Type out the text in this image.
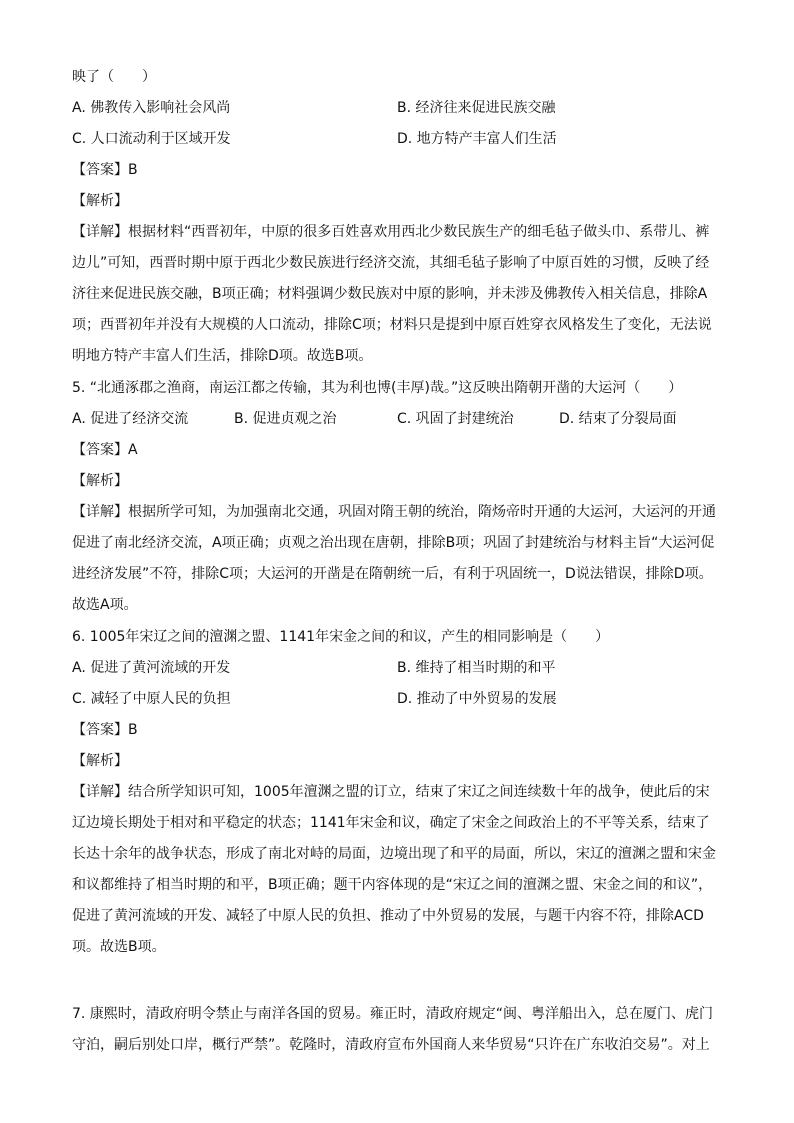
映了（　　）
A. 佛教传入影响社会风尚	B. 经济往来促进民族交融
C. 人口流动利于区域开发	D. 地方特产丰富人们生活
【答案】B
【解析】
【详解】根据材料“西晋初年，中原的很多百姓喜欢用西北少数民族生产的细毛毡子做头巾、系带儿、裤边儿”可知，西晋时期中原于西北少数民族进行经济交流，其细毛毡子影响了中原百姓的习惯，反映了经济往来促进民族交融，B项正确；材料强调少数民族对中原的影响，并未涉及佛教传入相关信息，排除A项；西晋初年并没有大规模的人口流动，排除C项；材料只是提到中原百姓穿衣风格发生了变化，无法说明地方特产丰富人们生活，排除D项。故选B项。
5. “北通涿郡之渔商，南运江都之传输，其为利也博(丰厚)哉。”这反映出隋朝开凿的大运河（　　）
A. 促进了经济交流	B. 促进贞观之治	C. 巩固了封建统治	D. 结束了分裂局面
【答案】A
【解析】
【详解】根据所学可知，为加强南北交通，巩固对隋王朝的统治，隋炀帝时开通的大运河，大运河的开通促进了南北经济交流，A项正确；贞观之治出现在唐朝，排除B项；巩固了封建统治与材料主旨“大运河促进经济发展”不符，排除C项；大运河的开凿是在隋朝统一后，有利于巩固统一，D说法错误，排除D项。故选A项。
6. 1005年宋辽之间的澶渊之盟、1141年宋金之间的和议，产生的相同影响是（　　）
A. 促进了黄河流域的开发	B. 维持了相当时期的和平
C. 减轻了中原人民的负担	D. 推动了中外贸易的发展
【答案】B
【解析】
【详解】结合所学知识可知，1005年澶渊之盟的订立，结束了宋辽之间连续数十年的战争，使此后的宋辽边境长期处于相对和平稳定的状态；1141年宋金和议，确定了宋金之间政治上的不平等关系，结束了长达十余年的战争状态，形成了南北对峙的局面，边境出现了和平的局面，所以，宋辽的澶渊之盟和宋金和议都维持了相当时期的和平，B项正确；题干内容体现的是“宋辽之间的澶渊之盟、宋金之间的和议”，促进了黄河流域的开发、减轻了中原人民的负担、推动了中外贸易的发展，与题干内容不符，排除ACD项。故选B项。
7. 康熙时，清政府明令禁止与南洋各国的贸易。雍正时，清政府规定“闽、粤洋船出入，总在厦门、虎门守泊，嗣后别处口岸，概行严禁”。乾隆时，清政府宣布外国商人来华贸易“只许在广东收泊交易”。对上
